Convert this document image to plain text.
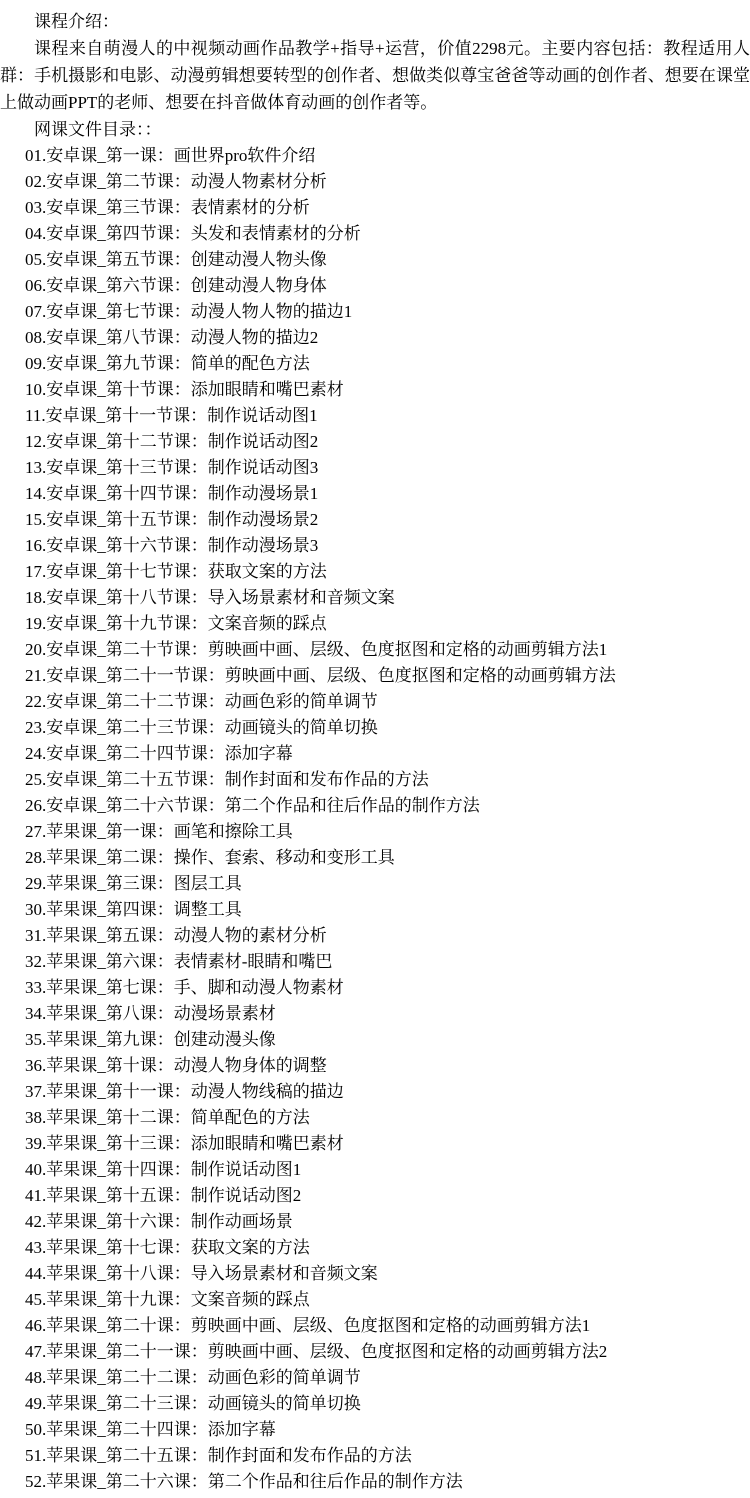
课程介绍：

课程来自萌漫人的中视频动画作品教学+指导+运营，价值2298元。主要内容包括：教程适用人群：手机摄影和电影、动漫剪辑想要转型的创作者、想做类似尊宝爸爸等动画的创作者、想要在课堂上做动画PPT的老师、想要在抖音做体育动画的创作者等。

网课文件目录：：

01.安卓课_第一课：画世界pro软件介绍

02.安卓课_第二节课：动漫人物素材分析

03.安卓课_第三节课：表情素材的分析

04.安卓课_第四节课：头发和表情素材的分析

05.安卓课_第五节课：创建动漫人物头像

06.安卓课_第六节课：创建动漫人物身体

07.安卓课_第七节课：动漫人物人物的描边1

08.安卓课_第八节课：动漫人物的描边2

09.安卓课_第九节课：简单的配色方法

10.安卓课_第十节课：添加眼睛和嘴巴素材

11.安卓课_第十一节课：制作说话动图1

12.安卓课_第十二节课：制作说话动图2

13.安卓课_第十三节课：制作说话动图3

14.安卓课_第十四节课：制作动漫场景1

15.安卓课_第十五节课：制作动漫场景2

16.安卓课_第十六节课：制作动漫场景3

17.安卓课_第十七节课：获取文案的方法

18.安卓课_第十八节课：导入场景素材和音频文案

19.安卓课_第十九节课：文案音频的踩点

20.安卓课_第二十节课：剪映画中画、层级、色度抠图和定格的动画剪辑方法1

21.安卓课_第二十一节课：剪映画中画、层级、色度抠图和定格的动画剪辑方法

22.安卓课_第二十二节课：动画色彩的简单调节

23.安卓课_第二十三节课：动画镜头的简单切换

24.安卓课_第二十四节课：添加字幕

25.安卓课_第二十五节课：制作封面和发布作品的方法

26.安卓课_第二十六节课：第二个作品和往后作品的制作方法

27.苹果课_第一课：画笔和擦除工具

28.苹果课_第二课：操作、套索、移动和变形工具

29.苹果课_第三课：图层工具

30.苹果课_第四课：调整工具

31.苹果课_第五课：动漫人物的素材分析

32.苹果课_第六课：表情素材-眼睛和嘴巴

33.苹果课_第七课：手、脚和动漫人物素材

34.苹果课_第八课：动漫场景素材

35.苹果课_第九课：创建动漫头像

36.苹果课_第十课：动漫人物身体的调整

37.苹果课_第十一课：动漫人物线稿的描边

38.苹果课_第十二课：简单配色的方法

39.苹果课_第十三课：添加眼睛和嘴巴素材

40.苹果课_第十四课：制作说话动图1

41.苹果课_第十五课：制作说话动图2

42.苹果课_第十六课：制作动画场景

43.苹果课_第十七课：获取文案的方法

44.苹果课_第十八课：导入场景素材和音频文案

45.苹果课_第十九课：文案音频的踩点

46.苹果课_第二十课：剪映画中画、层级、色度抠图和定格的动画剪辑方法1

47.苹果课_第二十一课：剪映画中画、层级、色度抠图和定格的动画剪辑方法2

48.苹果课_第二十二课：动画色彩的简单调节

49.苹果课_第二十三课：动画镜头的简单切换

50.苹果课_第二十四课：添加字幕

51.苹果课_第二十五课：制作封面和发布作品的方法

52.苹果课_第二十六课：第二个作品和往后作品的制作方法
